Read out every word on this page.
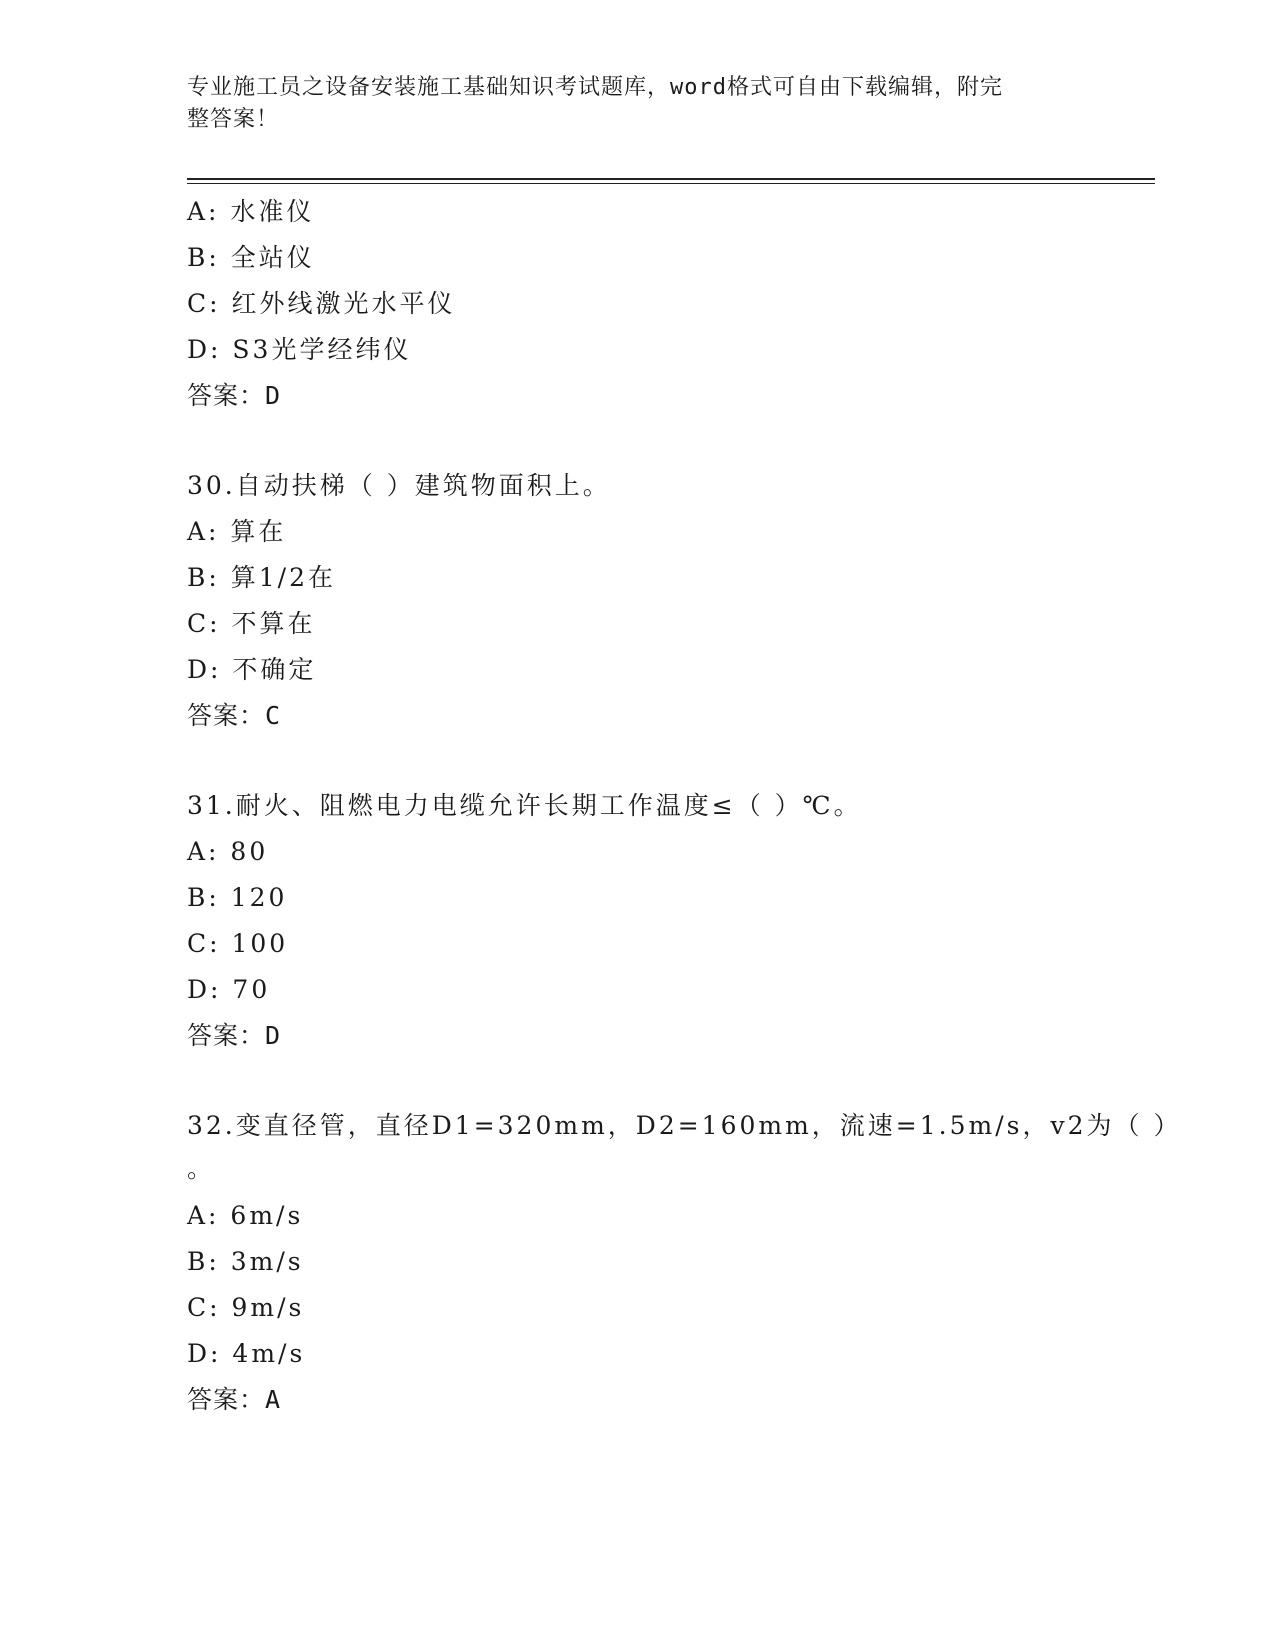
专业施工员之设备安装施工基础知识考试题库，word格式可自由下载编辑，附完
整答案！
A: 水准仪
B: 全站仪
C: 红外线激光水平仪
D: S3光学经纬仪
答案：D
30.自动扶梯（ ）建筑物面积上。
A: 算在
B: 算1/2在
C: 不算在
D: 不确定
答案：C
31.耐火、阻燃电力电缆允许长期工作温度≤（ ）℃。
A: 80
B: 120
C: 100
D: 70
答案：D
32.变直径管，直径D1=320mm，D2=160mm，流速=1.5m/s，v2为（ ）
。
A: 6m/s
B: 3m/s
C: 9m/s
D: 4m/s
答案：A
